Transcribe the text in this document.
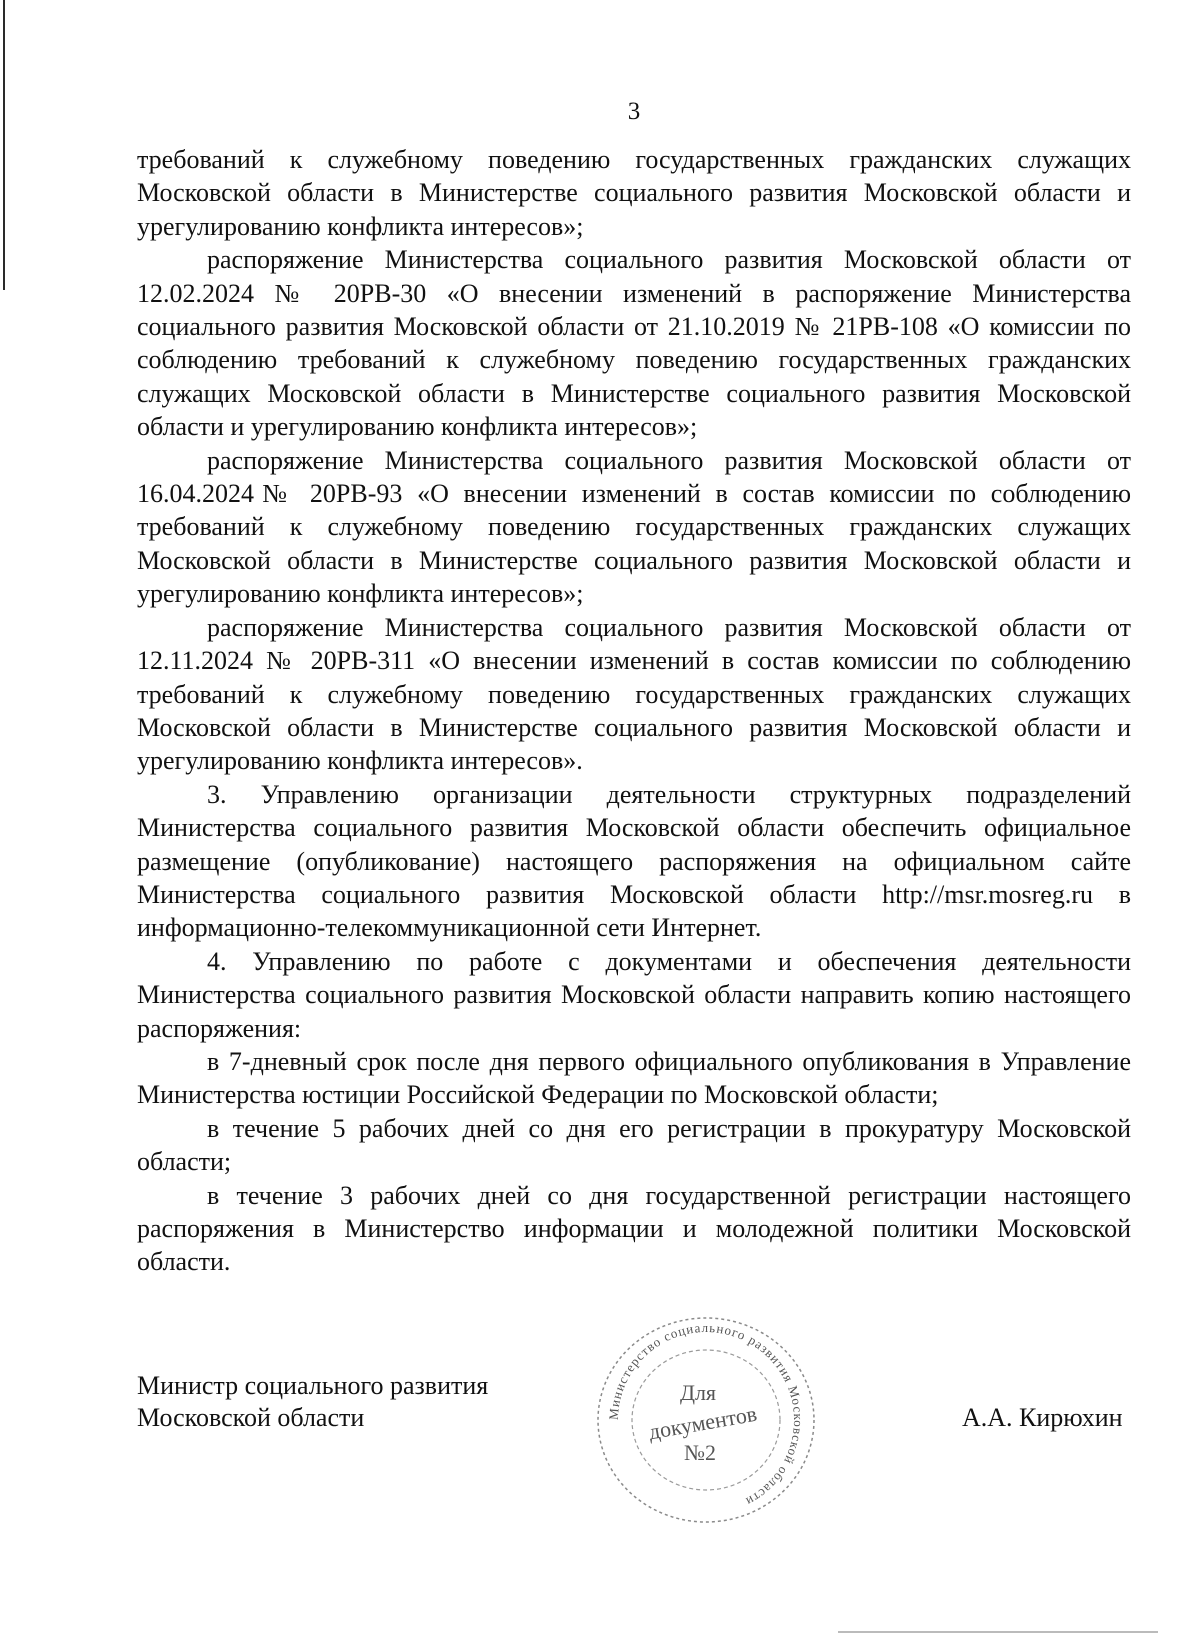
3

требований к служебному поведению государственных гражданских служащих Московской области в Министерстве социального развития Московской области и урегулированию конфликта интересов»;

распоряжение Министерства социального развития Московской области от 12.02.2024 № 20РВ-30 «О внесении изменений в распоряжение Министерства социального развития Московской области от 21.10.2019 № 21РВ-108 «О комиссии по соблюдению требований к служебному поведению государственных гражданских служащих Московской области в Министерстве социального развития Московской области и урегулированию конфликта интересов»;

распоряжение Министерства социального развития Московской области от 16.04.2024№ 20РВ-93 «О внесении изменений в состав комиссии по соблюдению требований к служебному поведению государственных гражданских служащих Московской области в Министерстве социального развития Московской области и урегулированию конфликта интересов»;

распоряжение Министерства социального развития Московской области от 12.11.2024 № 20РВ-311 «О внесении изменений в состав комиссии по соблюдению требований к служебному поведению государственных гражданских служащих Московской области в Министерстве социального развития Московской области и урегулированию конфликта интересов».

3. Управлению организации деятельности структурных подразделений Министерства социального развития Московской области обеспечить официальное размещение (опубликование) настоящего распоряжения на официальном сайте Министерства социального развития Московской области http://msr.mosreg.ru в информационно-телекоммуникационной сети Интернет.

4. Управлению по работе с документами и обеспечения деятельности Министерства социального развития Московской области направить копию настоящего распоряжения:

в 7-дневный срок после дня первого официального опубликования в Управление Министерства юстиции Российской Федерации по Московской области;

в течение 5 рабочих дней со дня его регистрации в прокуратуру Московской области;

в течение 3 рабочих дней со дня государственной регистрации настоящего распоряжения в Министерство информации и молодежной политики Московской области.

Министр социального развития
Московской области	Министерство социального развития Московской области
Для
документов
№2
А.А. Кирюхин
